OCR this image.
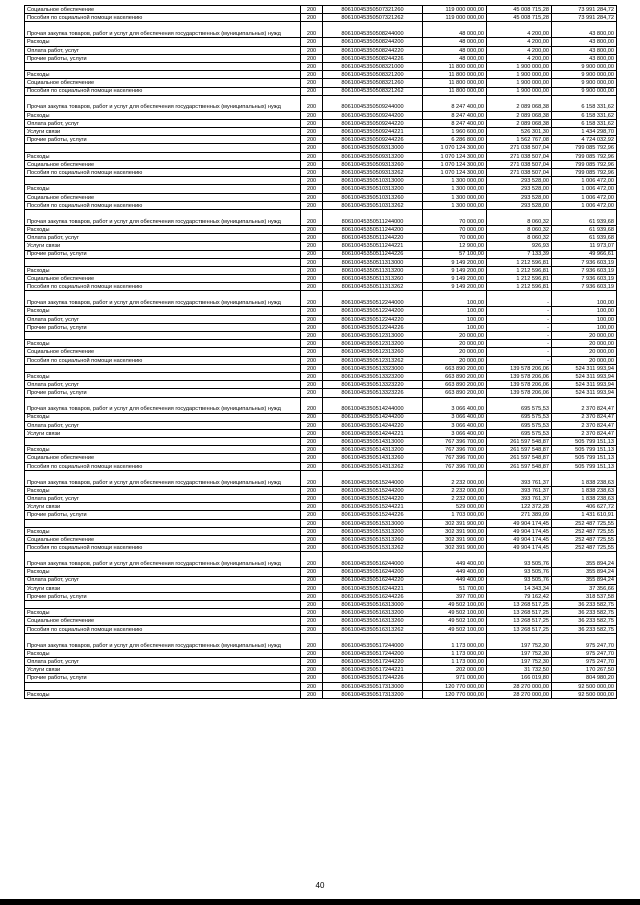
Социальное обеспечение	200	80610045350507321260	119 000 000,00	45 008 715,28	73 991 284,72
Пособия по социальной помощи населению	200	80610045350507321262	119 000 000,00	45 008 715,28	73 991 284,72
Прочая закупка товаров, работ и услуг для обеспечения государственных (муниципальных) нужд	200	80610045350508244000	48 000,00	4 200,00	43 800,00
Расходы	200	80610045350508244200	48 000,00	4 200,00	43 800,00
Оплата работ, услуг	200	80610045350508244220	48 000,00	4 200,00	43 800,00
Прочие работы, услуги	200	80610045350508244226	48 000,00	4 200,00	43 800,00
	200	80610045350508321000	11 800 000,00	1 900 000,00	9 900 000,00
Расходы	200	80610045350508321200	11 800 000,00	1 900 000,00	9 900 000,00
Социальное обеспечение	200	80610045350508321260	11 800 000,00	1 900 000,00	9 900 000,00
Пособия по социальной помощи населению	200	80610045350508321262	11 800 000,00	1 900 000,00	9 900 000,00
Прочая закупка товаров, работ и услуг для обеспечения государственных (муниципальных) нужд	200	80610045350509244000	8 247 400,00	2 089 068,38	6 158 331,62
Расходы	200	80610045350509244200	8 247 400,00	2 089 068,38	6 158 331,62
Оплата работ, услуг	200	80610045350509244220	8 247 400,00	2 089 068,38	6 158 331,62
Услуги связи	200	80610045350509244221	1 960 600,00	526 301,30	1 434 298,70
Прочие работы, услуги	200	80610045350509244226	6 286 800,00	1 562 767,08	4 724 032,92
	200	80610045350509313000	1 070 124 300,00	271 038 507,04	799 085 792,96
Расходы	200	80610045350509313200	1 070 124 300,00	271 038 507,04	799 085 792,96
Социальное обеспечение	200	80610045350509313260	1 070 124 300,00	271 038 507,04	799 085 792,96
Пособия по социальной помощи населению	200	80610045350509313262	1 070 124 300,00	271 038 507,04	799 085 792,96
	200	80610045350510313000	1 300 000,00	293 528,00	1 006 472,00
Расходы	200	80610045350510313200	1 300 000,00	293 528,00	1 006 472,00
Социальное обеспечение	200	80610045350510313260	1 300 000,00	293 528,00	1 006 472,00
Пособия по социальной помощи населению	200	80610045350510313262	1 300 000,00	293 528,00	1 006 472,00
Прочая закупка товаров, работ и услуг для обеспечения государственных (муниципальных) нужд	200	80610045350511244000	70 000,00	8 060,32	61 939,68
Расходы	200	80610045350511244200	70 000,00	8 060,32	61 939,68
Оплата работ, услуг	200	80610045350511244220	70 000,00	8 060,32	61 939,68
Услуги связи	200	80610045350511244221	12 900,00	926,93	11 973,07
Прочие работы, услуги	200	80610045350511244226	57 100,00	7 133,39	49 966,61
	200	80610045350511313000	9 149 200,00	1 212 596,81	7 936 603,19
Расходы	200	80610045350511313200	9 149 200,00	1 212 596,81	7 936 603,19
Социальное обеспечение	200	80610045350511313260	9 149 200,00	1 212 596,81	7 936 603,19
Пособия по социальной помощи населению	200	80610045350511313262	9 149 200,00	1 212 596,81	7 936 603,19
Прочая закупка товаров, работ и услуг для обеспечения государственных (муниципальных) нужд	200	80610045350512244000	100,00	-	100,00
Расходы	200	80610045350512244200	100,00	-	100,00
Оплата работ, услуг	200	80610045350512244220	100,00	-	100,00
Прочие работы, услуги	200	80610045350512244226	100,00	-	100,00
	200	80610045350512313000	20 000,00	-	20 000,00
Расходы	200	80610045350512313200	20 000,00	-	20 000,00
Социальное обеспечение	200	80610045350512313260	20 000,00	-	20 000,00
Пособия по социальной помощи населению	200	80610045350512313262	20 000,00	-	20 000,00
	200	80610045350513323000	663 890 200,00	139 578 206,06	524 311 993,94
Расходы	200	80610045350513323200	663 890 200,00	139 578 206,06	524 311 993,94
Оплата работ, услуг	200	80610045350513323220	663 890 200,00	139 578 206,06	524 311 993,94
Прочие работы, услуги	200	80610045350513323226	663 890 200,00	139 578 206,06	524 311 993,94
Прочая закупка товаров, работ и услуг для обеспечения государственных (муниципальных) нужд	200	80610045350514244000	3 066 400,00	695 575,53	2 370 824,47
Расходы	200	80610045350514244200	3 066 400,00	695 575,53	2 370 824,47
Оплата работ, услуг	200	80610045350514244220	3 066 400,00	695 575,53	2 370 824,47
Услуги связи	200	80610045350514244221	3 066 400,00	695 575,53	2 370 824,47
	200	80610045350514313000	767 396 700,00	261 597 548,87	505 799 151,13
Расходы	200	80610045350514313200	767 396 700,00	261 597 548,87	505 799 151,13
Социальное обеспечение	200	80610045350514313260	767 396 700,00	261 597 548,87	505 799 151,13
Пособия по социальной помощи населению	200	80610045350514313262	767 396 700,00	261 597 548,87	505 799 151,13
Прочая закупка товаров, работ и услуг для обеспечения государственных (муниципальных) нужд	200	80610045350515244000	2 232 000,00	393 761,37	1 838 238,63
Расходы	200	80610045350515244200	2 232 000,00	393 761,37	1 838 238,63
Оплата работ, услуг	200	80610045350515244220	2 232 000,00	393 761,37	1 838 238,63
Услуги связи	200	80610045350515244221	529 000,00	122 372,28	406 627,72
Прочие работы, услуги	200	80610045350515244226	1 703 000,00	271 389,09	1 431 610,91
	200	80610045350515313000	302 391 900,00	49 904 174,45	252 487 725,55
Расходы	200	80610045350515313200	302 391 900,00	49 904 174,45	252 487 725,55
Социальное обеспечение	200	80610045350515313260	302 391 900,00	49 904 174,45	252 487 725,55
Пособия по социальной помощи населению	200	80610045350515313262	302 391 900,00	49 904 174,45	252 487 725,55
Прочая закупка товаров, работ и услуг для обеспечения государственных (муниципальных) нужд	200	80610045350516244000	449 400,00	93 505,76	355 894,24
Расходы	200	80610045350516244200	449 400,00	93 505,76	355 894,24
Оплата работ, услуг	200	80610045350516244220	449 400,00	93 505,76	355 894,24
Услуги связи	200	80610045350516244221	51 700,00	14 343,34	37 356,66
Прочие работы, услуги	200	80610045350516244226	397 700,00	79 162,42	318 537,58
	200	80610045350516313000	49 502 100,00	13 268 517,25	36 233 582,75
Расходы	200	80610045350516313200	49 502 100,00	13 268 517,25	36 233 582,75
Социальное обеспечение	200	80610045350516313260	49 502 100,00	13 268 517,25	36 233 582,75
Пособия по социальной помощи населению	200	80610045350516313262	49 502 100,00	13 268 517,25	36 233 582,75
Прочая закупка товаров, работ и услуг для обеспечения государственных (муниципальных) нужд	200	80610045350517244000	1 173 000,00	197 752,30	975 247,70
Расходы	200	80610045350517244200	1 173 000,00	197 752,30	975 247,70
Оплата работ, услуг	200	80610045350517244220	1 173 000,00	197 752,30	975 247,70
Услуги связи	200	80610045350517244221	202 000,00	31 732,50	170 267,50
Прочие работы, услуги	200	80610045350517244226	971 000,00	166 019,80	804 980,20
	200	80610045350517313000	120 770 000,00	28 270 000,00	92 500 000,00
Расходы	200	80610045350517313200	120 770 000,00	28 270 000,00	92 500 000,00
40
